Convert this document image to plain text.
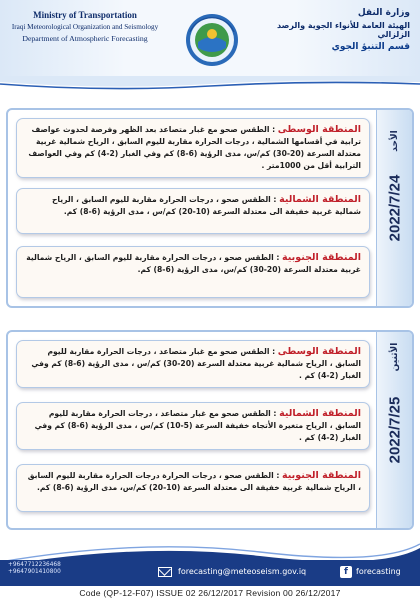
Ministry of Transportation
Iraqi Meteorological Organization and Seismology
Department of Atmospheric Forecasting
وزارة النقل
الهيئة العامة للأنواء الجوية والرصد الزلزالي
قسم التنبؤ الجوي
المنطقة الوسطى : الطقس صحو مع غبار متصاعد بعد الظهر وفرصة لحدوث عواصف ترابية في أقسامها الشمالية ، درجات الحرارة مقاربة لليوم السابق ، الرياح شمالية غربية معتدلة السرعة (20-30) كم/س، مدى الرؤية (6-8) كم وفي الغبار (2-4) كم وفي العواصف الترابية أقل من 1000متر .
المنطقة الشمالية : الطقس صحو ، درجات الحرارة مقاربة لليوم السابق ، الرياح شمالية غربية خفيفة الى معتدلة السرعة (10-20) كم/س ، مدى الرؤية (6-8) كم.
المنطقة الجنوبية : الطقس صحو ، درجات الحرارة مقاربة لليوم السابق ، الرياح شمالية غربية معتدلة السرعة (20-30) كم/س، مدى الرؤية (6-8) كم.
الأحد
2022/7/24
المنطقة الوسطى : الطقس صحو مع غبار متصاعد ، درجات الحرارة مقاربة لليوم السابق ، الرياح شمالية غربية معتدلة السرعة (20-30) كم/س ، مدى الرؤية (6-8) كم وفي الغبار (2-4) كم .
المنطقة الشمالية : الطقس صحو مع غبار متصاعد ، درجات الحرارة مقاربة لليوم السابق ، الرياح متغيرة الأتجاه خفيفة السرعة (5-10) كم/س ، مدى الرؤية (6-8) كم وفي الغبار (2-4) كم .
المنطقة الجنوبية : الطقس صحو ، درجات الحرارة درجات الحرارة مقاربة لليوم السابق ، الرياح شمالية غربية خفيفة الى معتدلة السرعة (10-20) كم/س، مدى الرؤية (6-8) كم.
الأثنين
2022/7/25
+9647712236468
+9647901410800	forecasting@meteoseism.gov.iq	f	forecasting
Code (QP-12-F07) ISSUE 02 26/12/2017 Revision 00 26/12/2017
